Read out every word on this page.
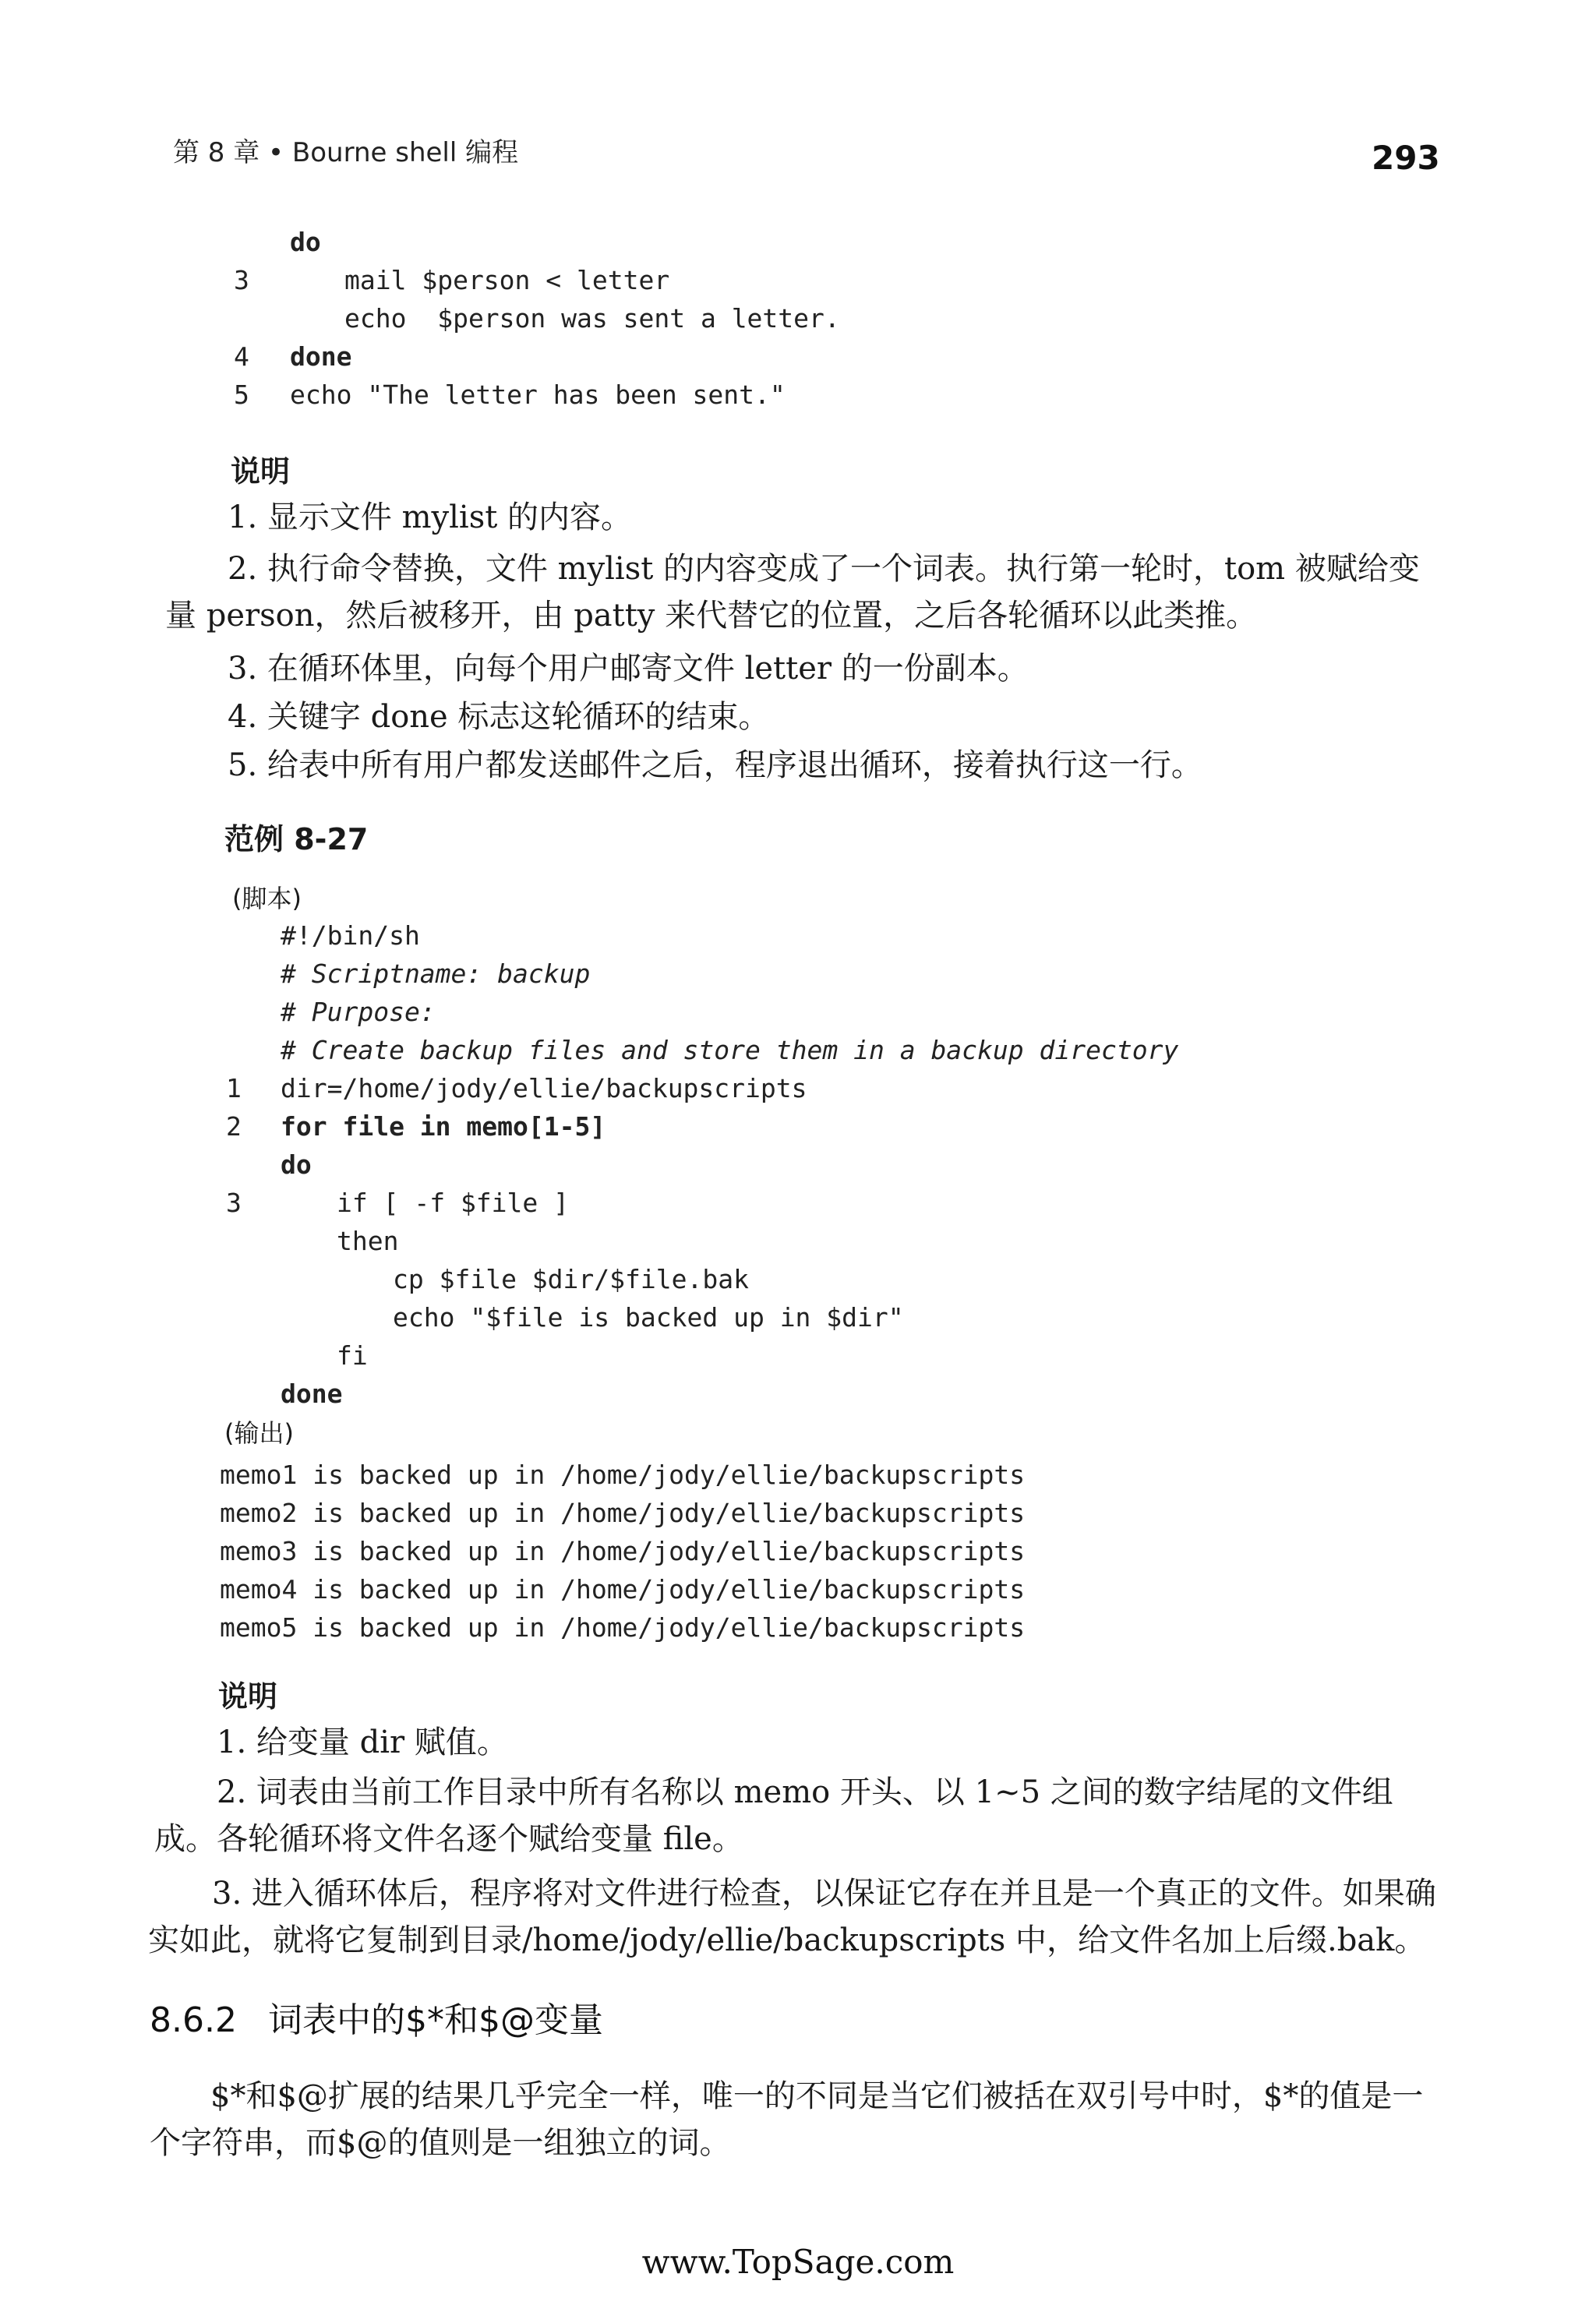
第 8 章 • Bourne shell 编程	293
do
3	mail $person < letter
echo  $person was sent a letter.
4 done
5 echo "The letter has been sent."
说明

1. 显示文件 mylist 的内容。

2. 执行命令替换，文件 mylist 的内容变成了一个词表。执行第一轮时，tom 被赋给变量 person，然后被移开，由 patty 来代替它的位置，之后各轮循环以此类推。

3. 在循环体里，向每个用户邮寄文件 letter 的一份副本。

4. 关键字 done 标志这轮循环的结束。

5. 给表中所有用户都发送邮件之后，程序退出循环，接着执行这一行。

范例 8-27
(脚本)
#!/bin/sh
# Scriptname: backup
# Purpose:
# Create backup files and store them in a backup directory
1 dir=/home/jody/ellie/backupscripts
2 for file in memo[1-5]
do
3	if [ -f $file ]
then
cp $file $dir/$file.bak
echo "$file is backed up in $dir"
fi
done
(输出)
memo1 is backed up in /home/jody/ellie/backupscripts
memo2 is backed up in /home/jody/ellie/backupscripts
memo3 is backed up in /home/jody/ellie/backupscripts
memo4 is backed up in /home/jody/ellie/backupscripts
memo5 is backed up in /home/jody/ellie/backupscripts
说明

1. 给变量 dir 赋值。

2. 词表由当前工作目录中所有名称以 memo 开头、以 1~5 之间的数字结尾的文件组成。各轮循环将文件名逐个赋给变量 file。

3. 进入循环体后，程序将对文件进行检查，以保证它存在并且是一个真正的文件。如果确实如此，就将它复制到目录/home/jody/ellie/backupscripts 中，给文件名加上后缀.bak。

8.6.2 词表中的$*和$@变量

$*和$@扩展的结果几乎完全一样，唯一的不同是当它们被括在双引号中时，$*的值是一个字符串，而$@的值则是一组独立的词。

www.TopSage.com
